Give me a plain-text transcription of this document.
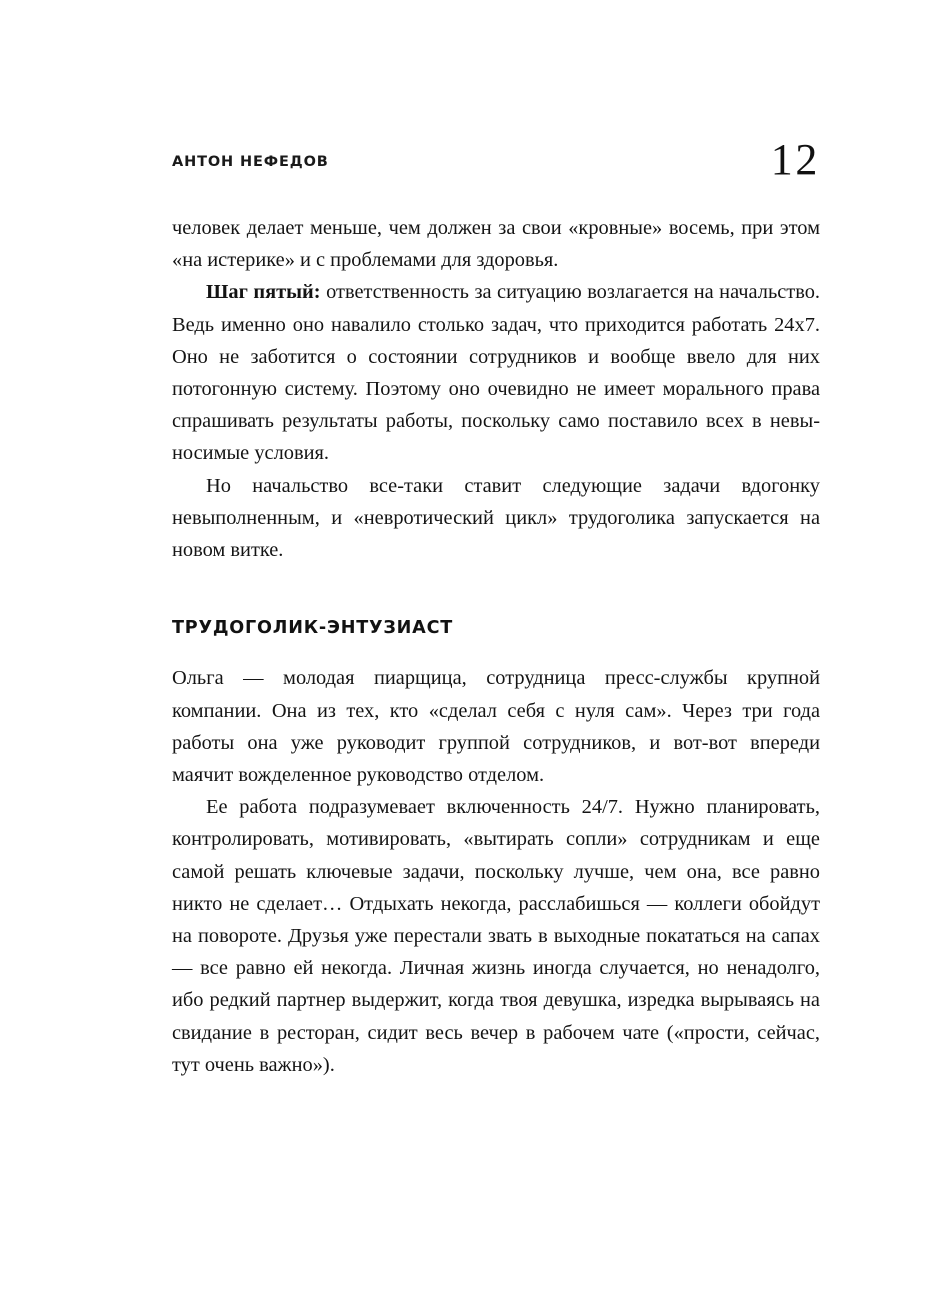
АНТОН НЕФЕДОВ	12

человек делает меньше, чем должен за свои «кровные» восемь, при этом «на истерике» и с проблемами для здоровья.

Шаг пятый: ответственность за ситуацию возлагается на начальство. Ведь именно оно навалило столько задач, что приходится работать 24х7. Оно не заботится о состоянии сотрудников и вообще ввело для них потогонную систему. Поэтому оно очевидно не имеет морального права спрашивать результаты работы, поскольку само поставило всех в невыносимые условия.

Но начальство все-таки ставит следующие задачи вдогонку невыполненным, и «невротический цикл» трудоголика запускается на новом витке.

ТРУДОГОЛИК-ЭНТУЗИАСТ

Ольга — молодая пиарщица, сотрудница пресс-службы крупной компании. Она из тех, кто «сделал себя с нуля сам». Через три года работы она уже руководит группой сотрудников, и вот-вот впереди маячит вожделенное руководство отделом.

Ее работа подразумевает включенность 24/7. Нужно планировать, контролировать, мотивировать, «вытирать сопли» сотрудникам и еще самой решать ключевые задачи, поскольку лучше, чем она, все равно никто не сделает… Отдыхать некогда, расслабишься — коллеги обойдут на повороте. Друзья уже перестали звать в выходные покататься на сапах — все равно ей некогда. Личная жизнь иногда случается, но ненадолго, ибо редкий партнер выдержит, когда твоя девушка, изредка вырываясь на свидание в ресторан, сидит весь вечер в рабочем чате («прости, сейчас, тут очень важно»).
